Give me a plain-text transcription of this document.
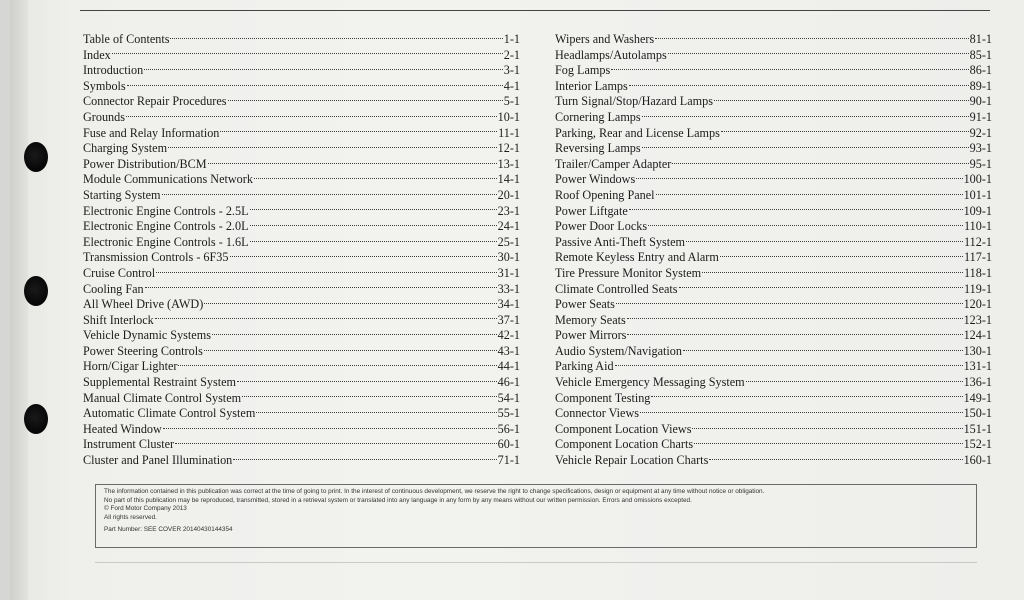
Table of Contents	1-1
Index	2-1
Introduction	3-1
Symbols	4-1
Connector Repair Procedures	5-1
Grounds	10-1
Fuse and Relay Information	11-1
Charging System	12-1
Power Distribution/BCM	13-1
Module Communications Network	14-1
Starting System	20-1
Electronic Engine Controls - 2.5L	23-1
Electronic Engine Controls - 2.0L	24-1
Electronic Engine Controls - 1.6L	25-1
Transmission Controls - 6F35	30-1
Cruise Control	31-1
Cooling Fan	33-1
All Wheel Drive (AWD)	34-1
Shift Interlock	37-1
Vehicle Dynamic Systems	42-1
Power Steering Controls	43-1
Horn/Cigar Lighter	44-1
Supplemental Restraint System	46-1
Manual Climate Control System	54-1
Automatic Climate Control System	55-1
Heated Window	56-1
Instrument Cluster	60-1
Cluster and Panel Illumination	71-1
Wipers and Washers	81-1
Headlamps/Autolamps	85-1
Fog Lamps	86-1
Interior Lamps	89-1
Turn Signal/Stop/Hazard Lamps	90-1
Cornering Lamps	91-1
Parking, Rear and License Lamps	92-1
Reversing Lamps	93-1
Trailer/Camper Adapter	95-1
Power Windows	100-1
Roof Opening Panel	101-1
Power Liftgate	109-1
Power Door Locks	110-1
Passive Anti-Theft System	112-1
Remote Keyless Entry and Alarm	117-1
Tire Pressure Monitor System	118-1
Climate Controlled Seats	119-1
Power Seats	120-1
Memory Seats	123-1
Power Mirrors	124-1
Audio System/Navigation	130-1
Parking Aid	131-1
Vehicle Emergency Messaging System	136-1
Component Testing	149-1
Connector Views	150-1
Component Location Views	151-1
Component Location Charts	152-1
Vehicle Repair Location Charts	160-1
The information contained in this publication was correct at the time of going to print. In the interest of continuous development, we reserve the right to change specifications, design or equipment at any time without notice or obligation.
No part of this publication may be reproduced, transmitted, stored in a retrieval system or translated into any language in any form by any means without our written permission. Errors and omissions excepted.
© Ford Motor Company 2013
All rights reserved.
Part Number: SEE COVER 20140430144354
